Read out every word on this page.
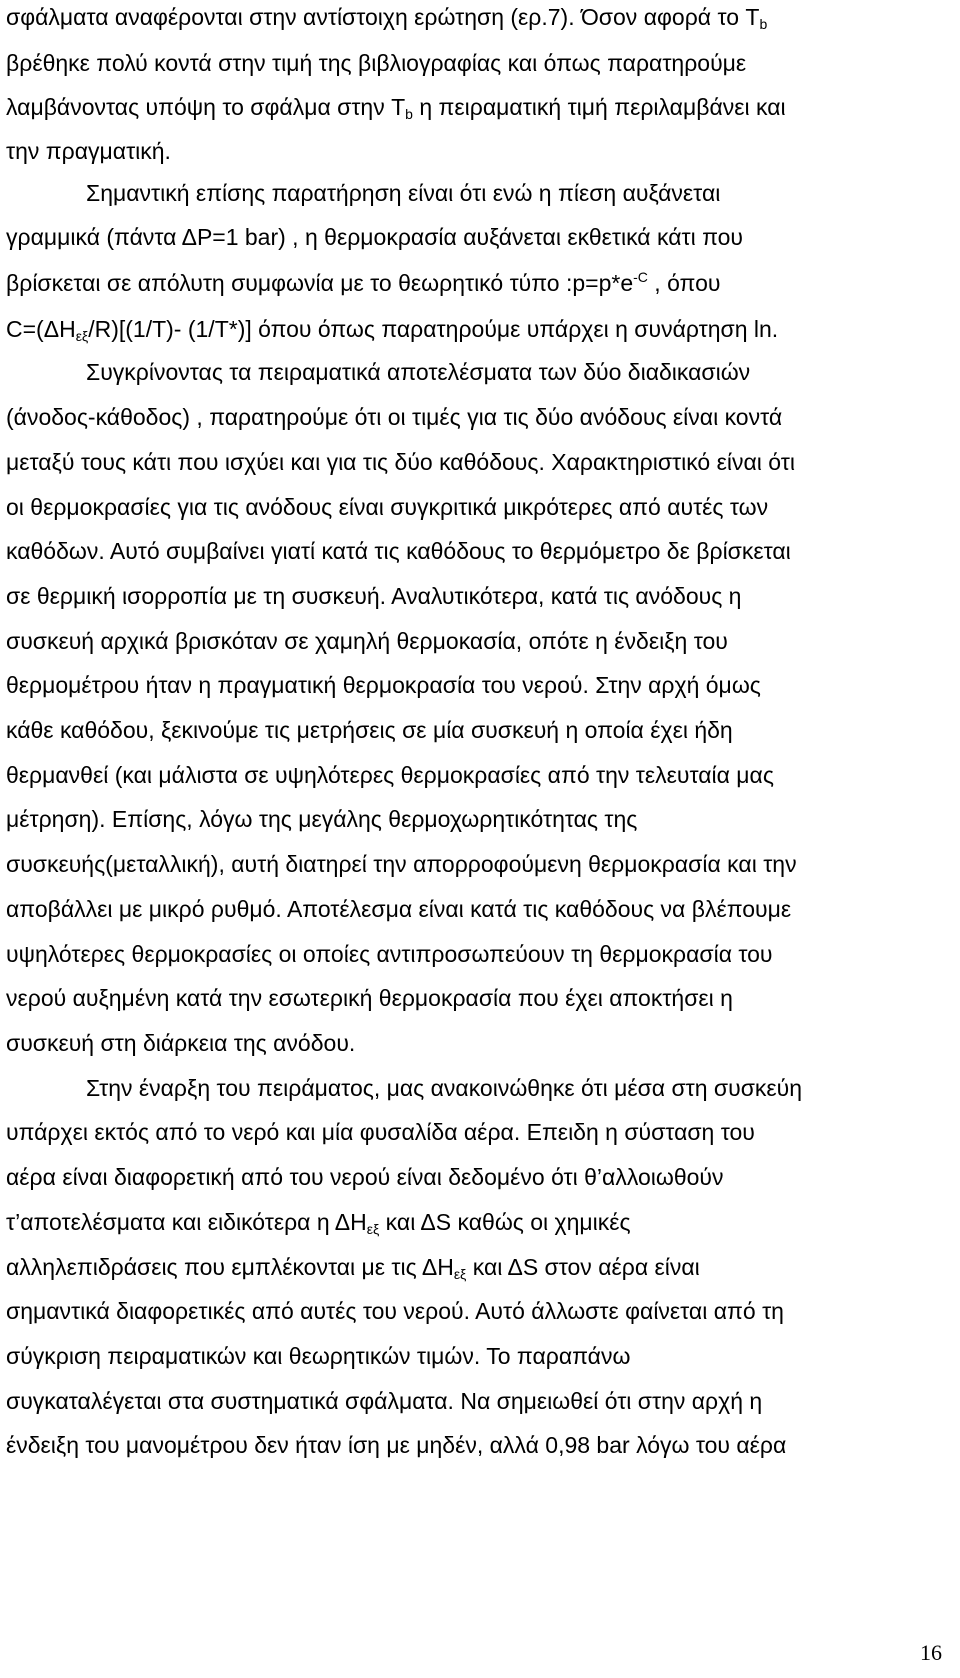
σφάλματα αναφέρονται στην αντίστοιχη ερώτηση (ερ.7). Όσον αφορά το $T_b$
βρέθηκε πολύ κοντά στην τιμή της βιβλιογραφίας και όπως παρατηρούμε
λαμβάνοντας υπόψη το σφάλμα στην $T_b$ η πειραματική τιμή περιλαμβάνει και
την πραγματική.
Σημαντική επίσης παρατήρηση είναι ότι ενώ η πίεση αυξάνεται
γραμμικά (πάντα ΔP=1 bar) , η θερμοκρασία αυξάνεται εκθετικά κάτι που
βρίσκεται σε απόλυτη συμφωνία με το θεωρητικό τύπο $:p=p*e^{-C}$ , όπου
$C=(\Delta H_{\varepsilon\xi}/R)[(1/T)-$ (1/T*)] όπου όπως παρατηρούμε υπάρχει η συνάρτηση ln.
Συγκρίνοντας τα πειραματικά αποτελέσματα των δύο διαδικασιών
(άνοδος-κάθοδος) , παρατηρούμε ότι οι τιμές για τις δύο ανόδους είναι κοντά
μεταξύ τους κάτι που ισχύει και για τις δύο καθόδους. Χαρακτηριστικό είναι ότι
οι θερμοκρασίες για τις ανόδους είναι συγκριτικά μικρότερες από αυτές των
καθόδων. Αυτό συμβαίνει γιατί κατά τις καθόδους το θερμόμετρο δε βρίσκεται
σε θερμική ισορροπία με τη συσκευή. Αναλυτικότερα, κατά τις ανόδους η
συσκευή αρχικά βρισκόταν σε χαμηλή θερμοκασία, οπότε η ένδειξη του
θερμομέτρου ήταν η πραγματική θερμοκρασία του νερού. Στην αρχή όμως
κάθε καθόδου, ξεκινούμε τις μετρήσεις σε μία συσκευή η οποία έχει ήδη
θερμανθεί (και μάλιστα σε υψηλότερες θερμοκρασίες από την τελευταία μας
μέτρηση). Επίσης, λόγω της μεγάλης θερμοχωρητικότητας της
συσκευής(μεταλλική), αυτή διατηρεί την απορροφούμενη θερμοκρασία και την
αποβάλλει με μικρό ρυθμό. Αποτέλεσμα είναι κατά τις καθόδους να βλέπουμε
υψηλότερες θερμοκρασίες οι οποίες αντιπροσωπεύουν τη θερμοκρασία του
νερού αυξημένη κατά την εσωτερική θερμοκρασία που έχει αποκτήσει η
συσκευή στη διάρκεια της ανόδου.
Στην έναρξη του πειράματος, μας ανακοινώθηκε ότι μέσα στη συσκεύη
υπάρχει εκτός από το νερό και μία φυσαλίδα αέρα. Επειδη η σύσταση του
αέρα είναι διαφορετική από του νερού είναι δεδομένο ότι θ’αλλοιωθούν
τ’αποτελέσματα και ειδικότερα η $\Delta H_{\varepsilon\xi}$ και ΔS καθώς οι χημικές
αλληλεπιδράσεις που εμπλέκονται με τις $\Delta H_{\varepsilon\xi}$ και ΔS στον αέρα είναι
σημαντικά διαφορετικές από αυτές του νερού. Αυτό άλλωστε φαίνεται από τη
σύγκριση πειραματικών και θεωρητικών τιμών. Το παραπάνω
συγκαταλέγεται στα συστηματικά σφάλματα. Να σημειωθεί ότι στην αρχή η
ένδειξη του μανομέτρου δεν ήταν ίση με μηδέν, αλλά 0,98 bar λόγω του αέρα
16
